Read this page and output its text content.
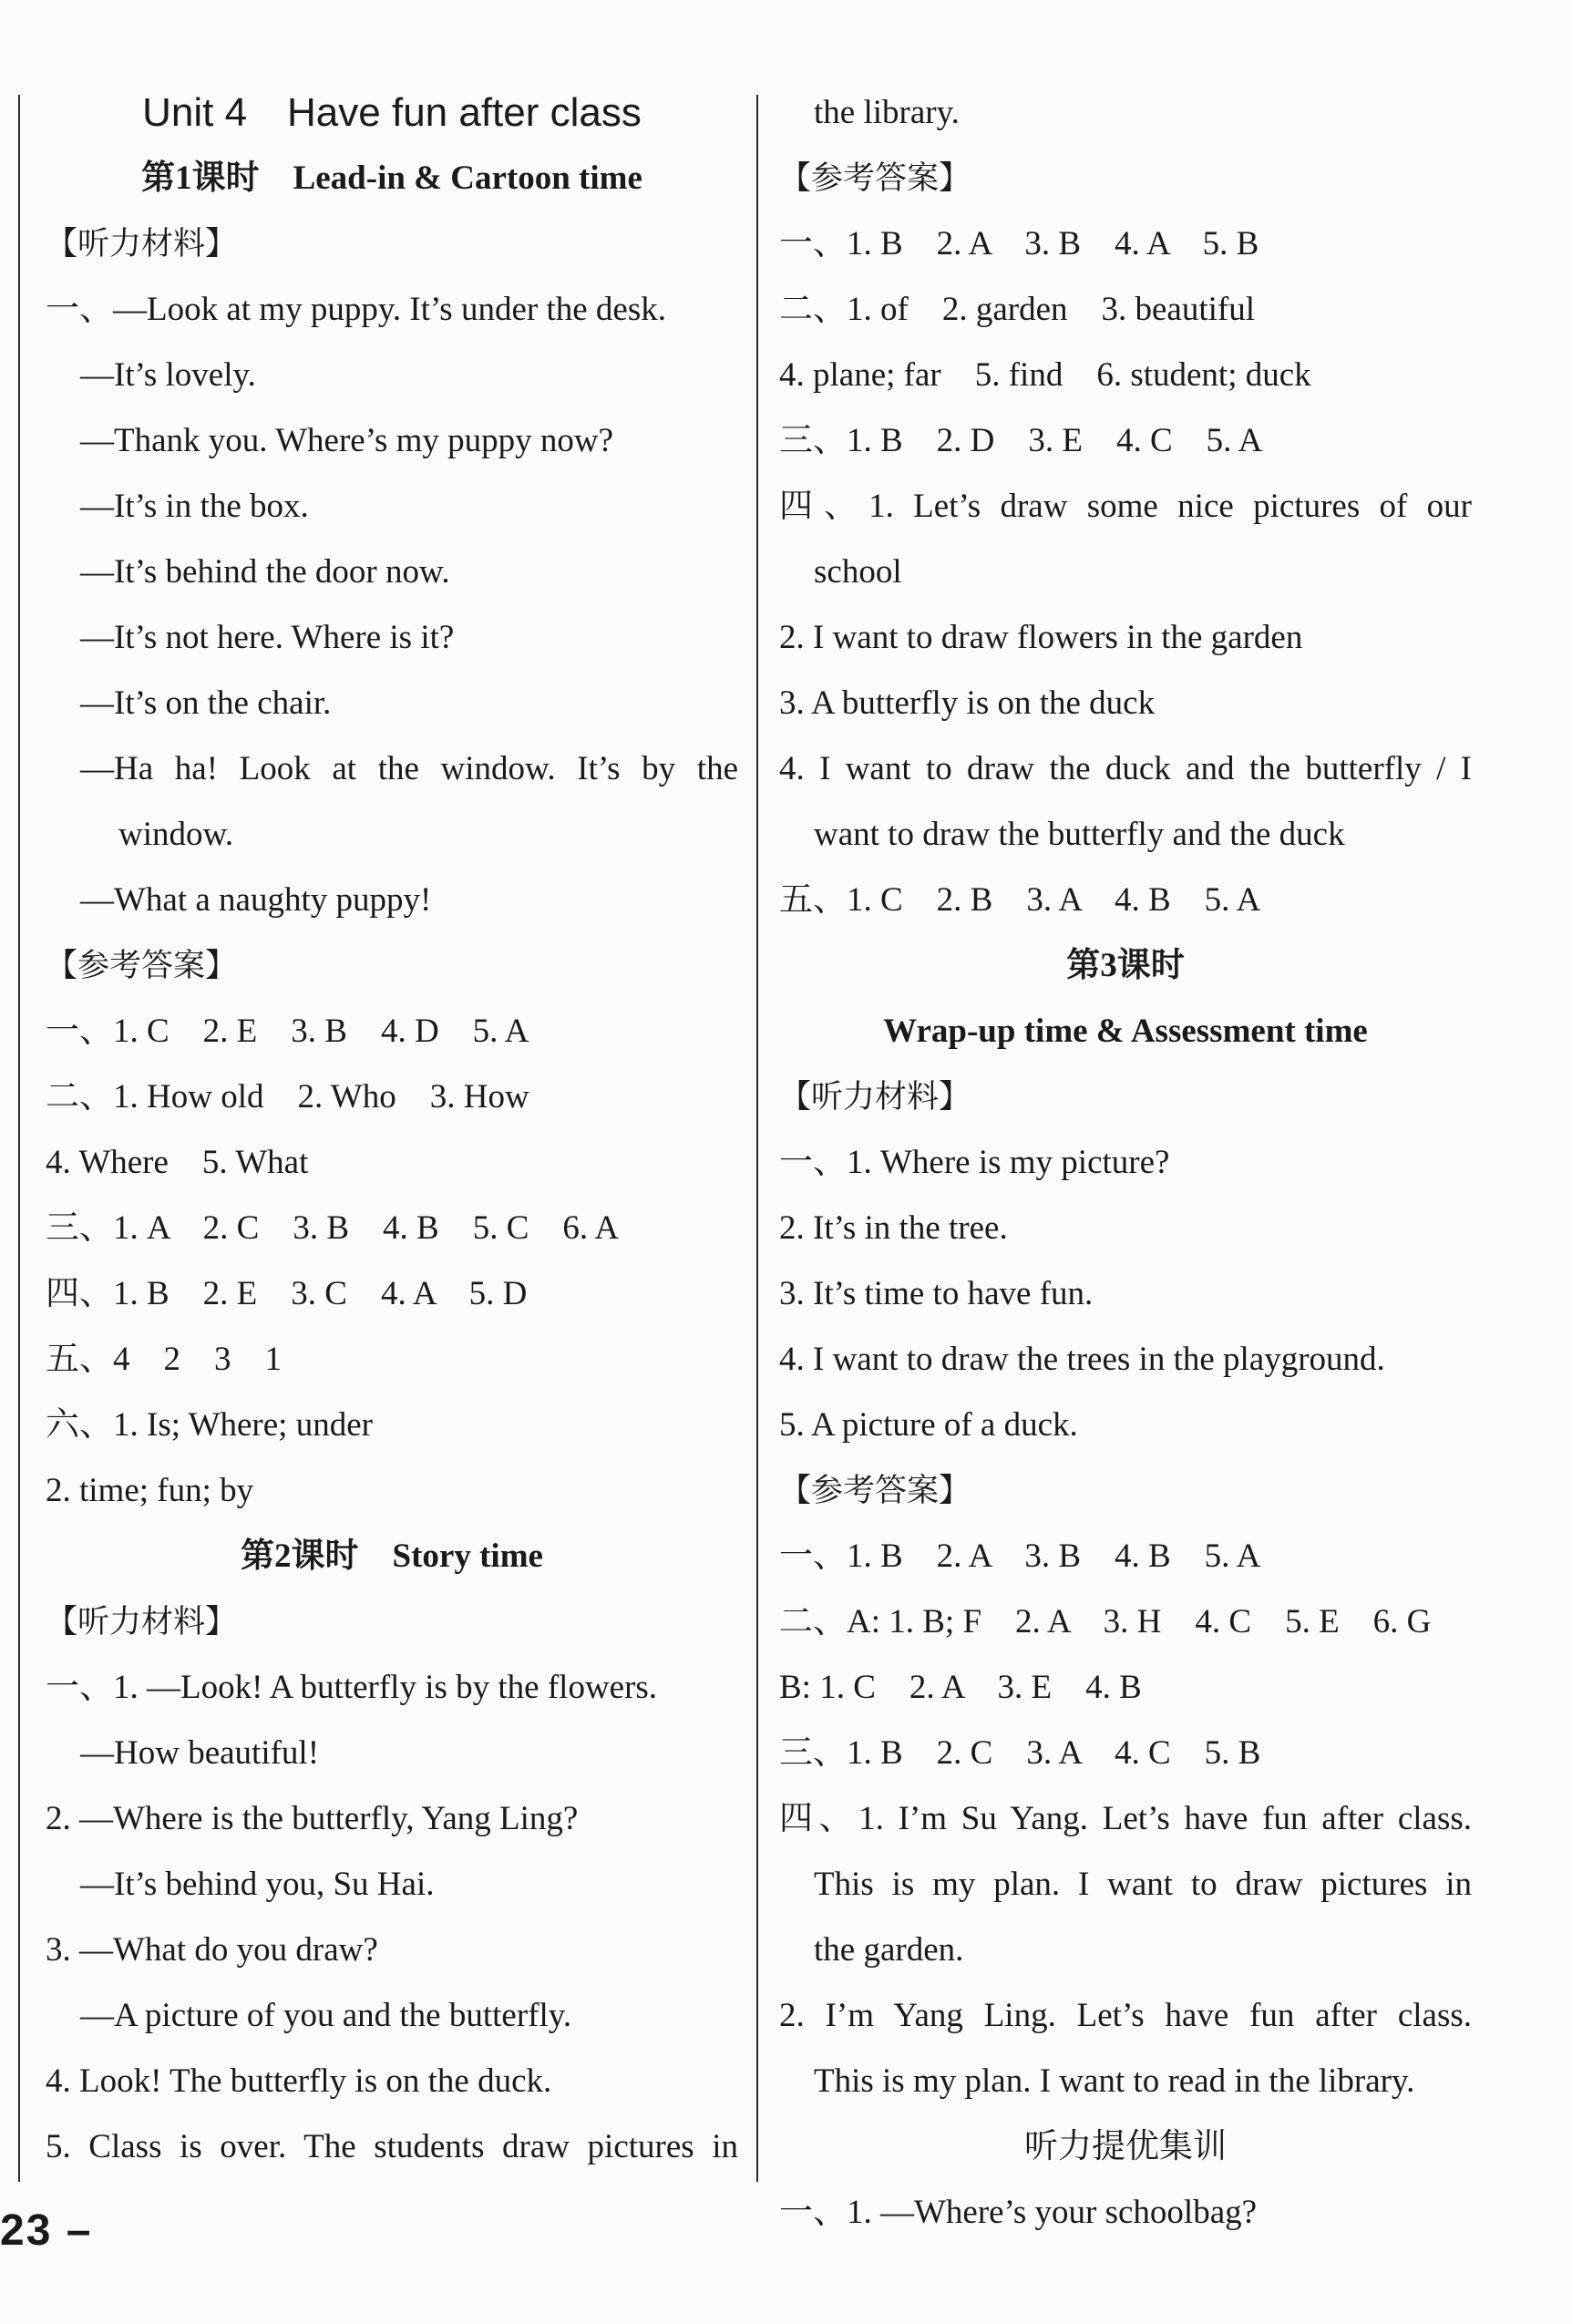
Unit 4　Have fun after class
第1课时　Lead-in & Cartoon time
【听力材料】
一、—Look at my puppy. It’s under the desk.
—It’s lovely.
—Thank you. Where’s my puppy now?
—It’s in the box.
—It’s behind the door now.
—It’s not here. Where is it?
—It’s on the chair.
—Ha ha! Look at the window. It’s by the
window.
—What a naughty puppy!
【参考答案】
一、1. C　2. E　3. B　4. D　5. A
二、1. How old　2. Who　3. How
4. Where　5. What
三、1. A　2. C　3. B　4. B　5. C　6. A
四、1. B　2. E　3. C　4. A　5. D
五、4　2　3　1
六、1. Is; Where; under
2. time; fun; by
第2课时　Story time
【听力材料】
一、1. —Look! A butterfly is by the flowers.
—How beautiful!
2. —Where is the butterfly, Yang Ling?
—It’s behind you, Su Hai.
3. —What do you draw?
—A picture of you and the butterfly.
4. Look! The butterfly is on the duck.
5. Class is over. The students draw pictures in
the library.
【参考答案】
一、1. B　2. A　3. B　4. A　5. B
二、1. of　2. garden　3. beautiful
4. plane; far　5. find　6. student; duck
三、1. B　2. D　3. E　4. C　5. A
四、1. Let’s draw some nice pictures of our
school
2. I want to draw flowers in the garden
3. A butterfly is on the duck
4. I want to draw the duck and the butterfly / I
want to draw the butterfly and the duck
五、1. C　2. B　3. A　4. B　5. A
第3课时
Wrap-up time & Assessment time
【听力材料】
一、1. Where is my picture?
2. It’s in the tree.
3. It’s time to have fun.
4. I want to draw the trees in the playground.
5. A picture of a duck.
【参考答案】
一、1. B　2. A　3. B　4. B　5. A
二、A: 1. B; F　2. A　3. H　4. C　5. E　6. G
B: 1. C　2. A　3. E　4. B
三、1. B　2. C　3. A　4. C　5. B
四、1. I’m Su Yang. Let’s have fun after class.
This is my plan. I want to draw pictures in
the garden.
2. I’m Yang Ling. Let’s have fun after class.
This is my plan. I want to read in the library.
听力提优集训
一、1. —Where’s your schoolbag?
23 –
